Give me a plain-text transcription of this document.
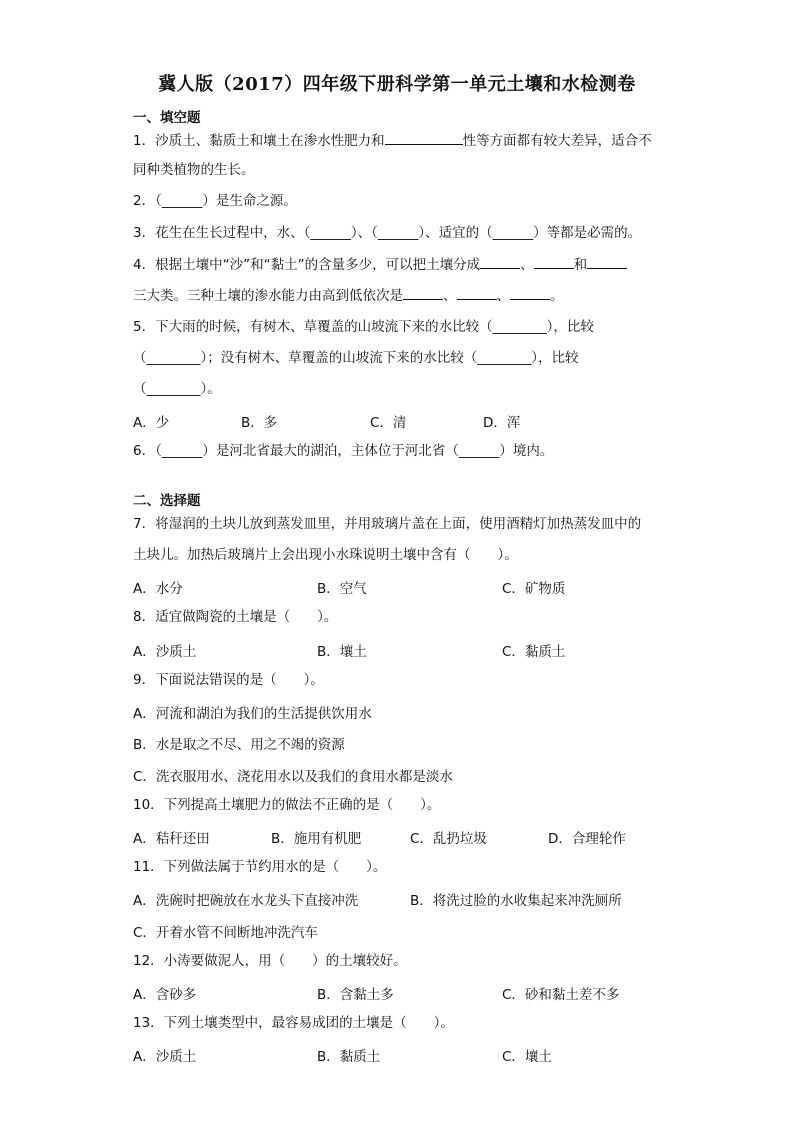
冀人版（2017）四年级下册科学第一单元土壤和水检测卷
一、填空题
1．沙质土、黏质土和壤土在渗水性肥力和	性等方面都有较大差异，适合不
同种类植物的生长。
2．（______）是生命之源。
3．花生在生长过程中，水、（______）、（______）、适宜的（______）等都是必需的。
4．根据土壤中“沙”和“黏土”的含量多少，可以把土壤分成	、	和
三大类。三种土壤的渗水能力由高到低依次是	、	、	。
5．下大雨的时候，有树木、草覆盖的山坡流下来的水比较（________），比较
（________）；没有树木、草覆盖的山坡流下来的水比较（________），比较
（________）。
A．少	B．多	C．清	D．浑
6．（______）是河北省最大的湖泊，主体位于河北省（______）境内。
二、选择题
7．将湿润的土块儿放到蒸发皿里，并用玻璃片盖在上面，使用酒精灯加热蒸发皿中的
土块儿。加热后玻璃片上会出现小水珠说明土壤中含有（　　）。
A．水分	B．空气	C．矿物质
8．适宜做陶瓷的土壤是（　　）。
A．沙质土	B．壤土	C．黏质土
9．下面说法错误的是（　　）。
A．河流和湖泊为我们的生活提供饮用水
B．水是取之不尽、用之不竭的资源
C．洗衣服用水、浇花用水以及我们的食用水都是淡水
10．下列提高土壤肥力的做法不正确的是（　　）。
A．秸秆还田	B．施用有机肥	C．乱扔垃圾	D．合理轮作
11．下列做法属于节约用水的是（　　）。
A．洗碗时把碗放在水龙头下直接冲洗	B．将洗过脸的水收集起来冲洗厕所
C．开着水管不间断地冲洗汽车
12．小涛要做泥人，用（　　）的土壤较好。
A．含砂多	B．含黏土多	C．砂和黏土差不多
13．下列土壤类型中，最容易成团的土壤是（　　）。
A．沙质土	B．黏质土	C．壤土
